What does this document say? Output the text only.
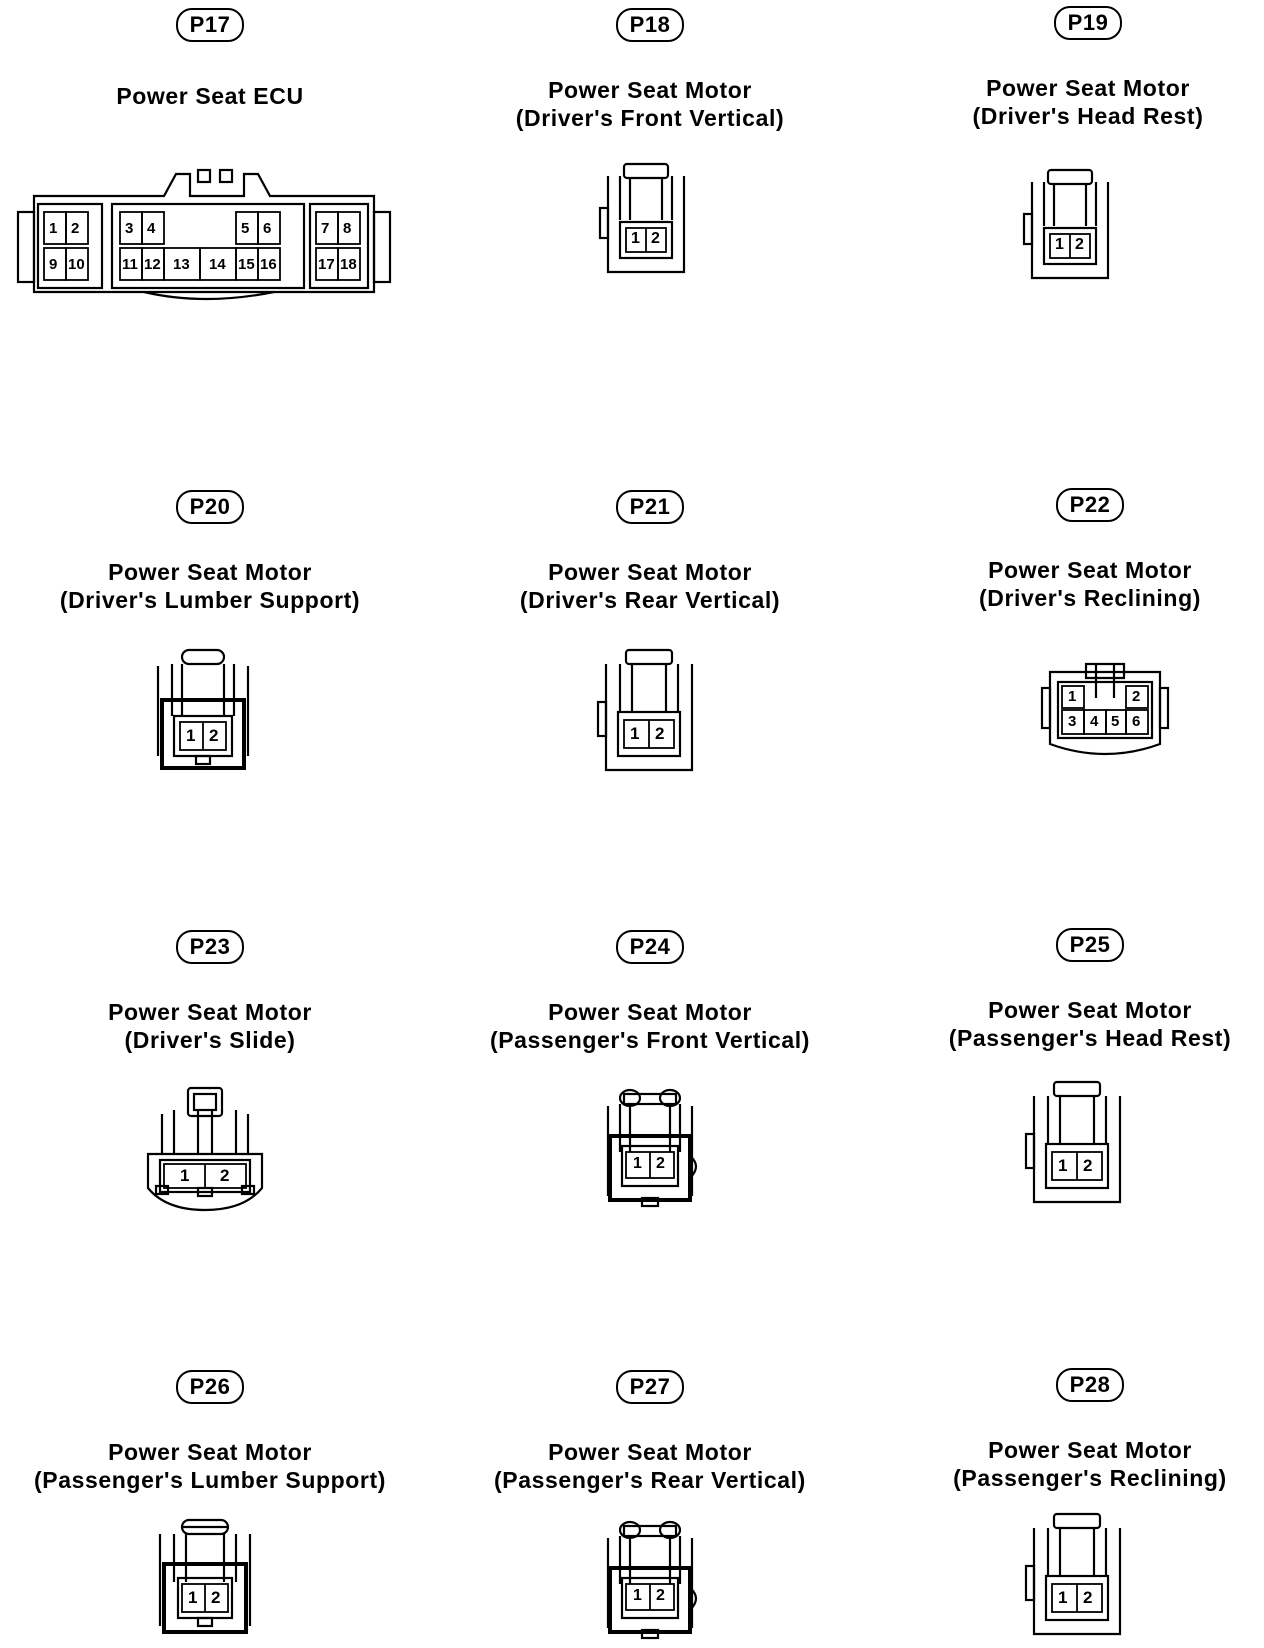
P17
Power Seat ECU
P18
Power Seat Motor
(Driver's Front Vertical)
P19
Power Seat Motor
(Driver's Head Rest)
P20
Power Seat Motor
(Driver's Lumber Support)
P21
Power Seat Motor
(Driver's Rear Vertical)
P22
Power Seat Motor
(Driver's Reclining)
P23
Power Seat Motor
(Driver's Slide)
P24
Power Seat Motor
(Passenger's Front Vertical)
P25
Power Seat Motor
(Passenger's Head Rest)
P26
Power Seat Motor
(Passenger's Lumber Support)
P27
Power Seat Motor
(Passenger's Rear Vertical)
P28
Power Seat Motor
(Passenger's Reclining)
1 2
9 10
3 4
11 12 13 14
5 6
15 16
7 8
17 18
1 2	1 2
1 2	1 2
1	2
3 4 5 6
1 2
1 2	1 2
1 2	1 2	1 2
